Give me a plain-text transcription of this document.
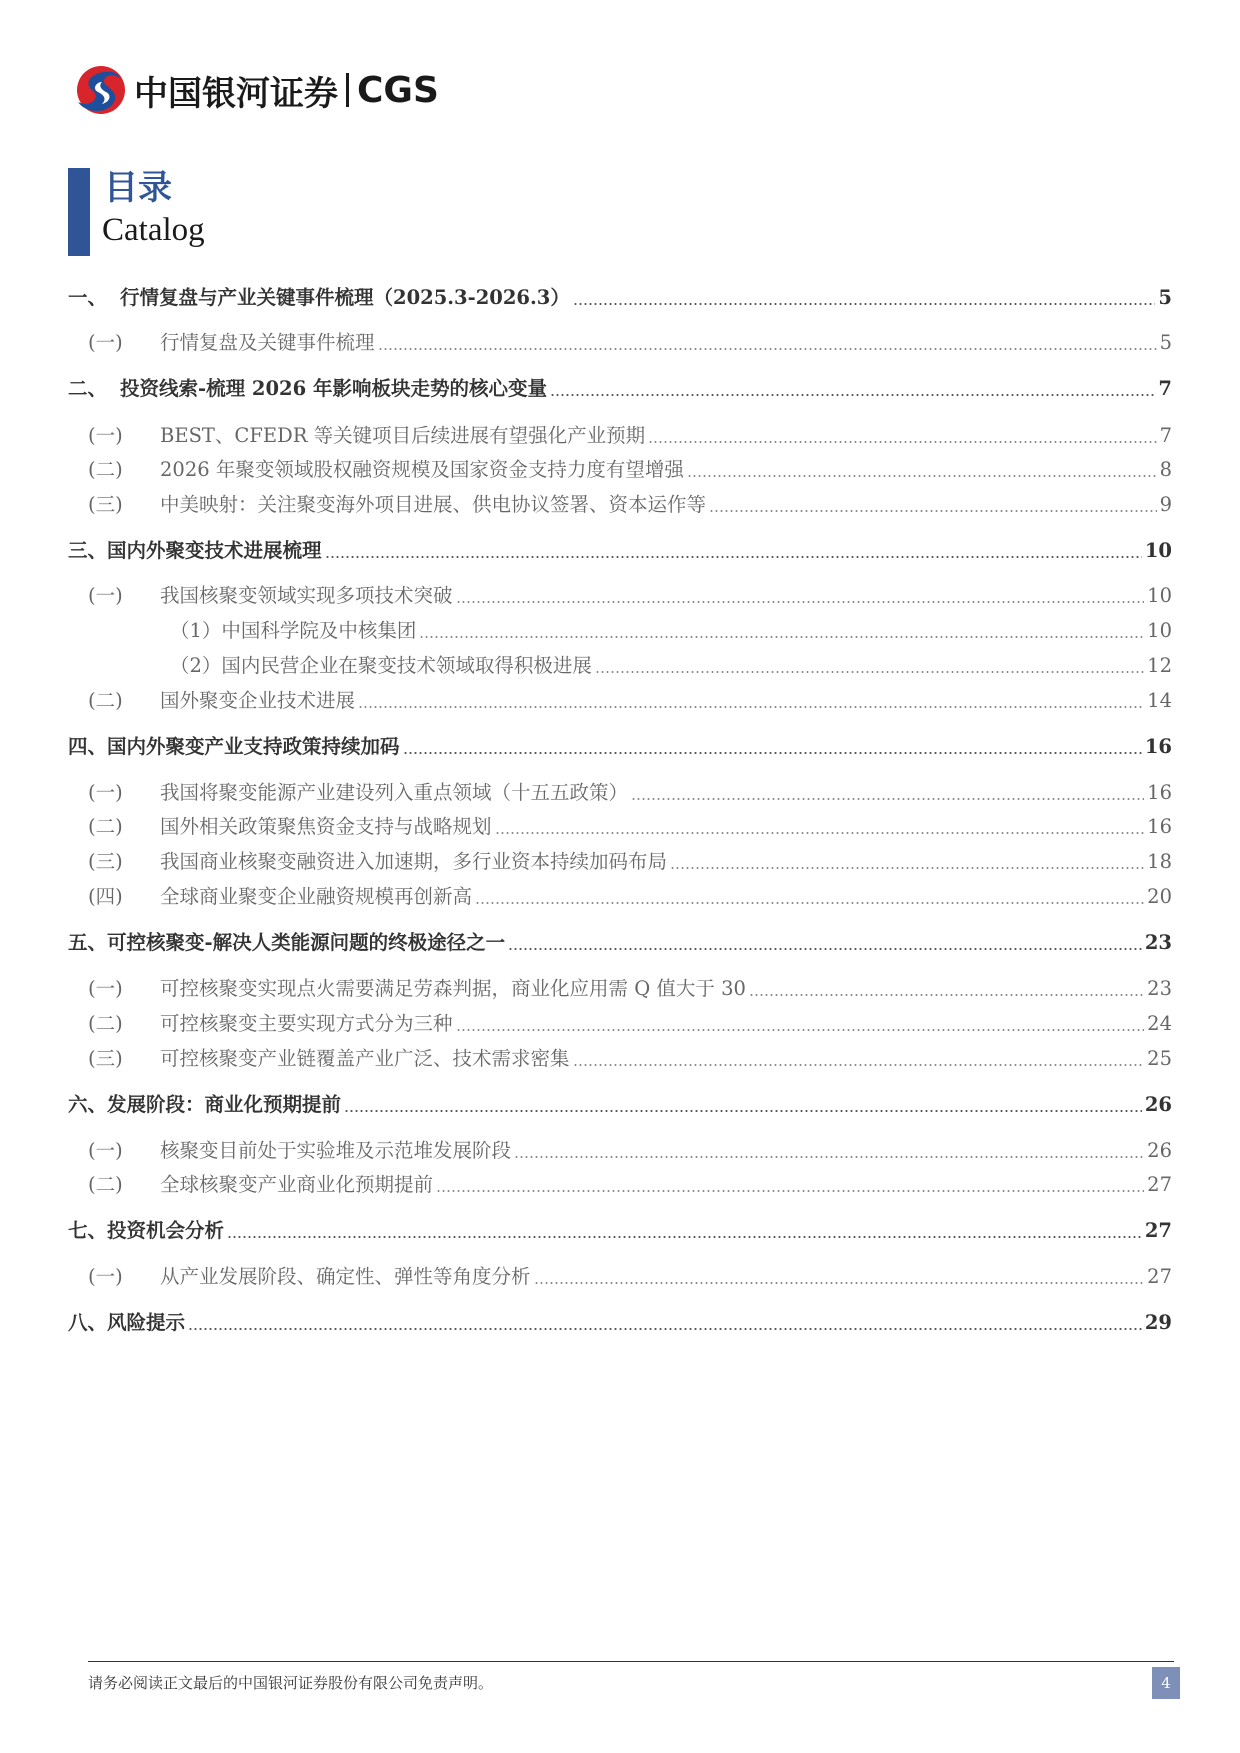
中国银河证券 CGS
目录
Catalog
一、 行情复盘与产业关键事件梳理（2025.3-2026.3）	5
(一)	行情复盘及关键事件梳理	5
二、 投资线索-梳理 2026 年影响板块走势的核心变量	7
(一)	BEST、CFEDR 等关键项目后续进展有望强化产业预期	7
(二)	2026 年聚变领域股权融资规模及国家资金支持力度有望增强	8
(三)	中美映射：关注聚变海外项目进展、供电协议签署、资本运作等	9
三、国内外聚变技术进展梳理	10
(一)	我国核聚变领域实现多项技术突破	10
（1）中国科学院及中核集团	10
（2）国内民营企业在聚变技术领域取得积极进展	12
(二)	国外聚变企业技术进展	14
四、国内外聚变产业支持政策持续加码	16
(一)	我国将聚变能源产业建设列入重点领域（十五五政策）	16
(二)	国外相关政策聚焦资金支持与战略规划	16
(三)	我国商业核聚变融资进入加速期，多行业资本持续加码布局	18
(四)	全球商业聚变企业融资规模再创新高	20
五、可控核聚变-解决人类能源问题的终极途径之一	23
(一)	可控核聚变实现点火需要满足劳森判据，商业化应用需 Q 值大于 30	23
(二)	可控核聚变主要实现方式分为三种	24
(三)	可控核聚变产业链覆盖产业广泛、技术需求密集	25
六、发展阶段：商业化预期提前	26
(一)	核聚变目前处于实验堆及示范堆发展阶段	26
(二)	全球核聚变产业商业化预期提前	27
七、投资机会分析	27
(一)	从产业发展阶段、确定性、弹性等角度分析	27
八、风险提示	29
请务必阅读正文最后的中国银河证券股份有限公司免责声明。	4
